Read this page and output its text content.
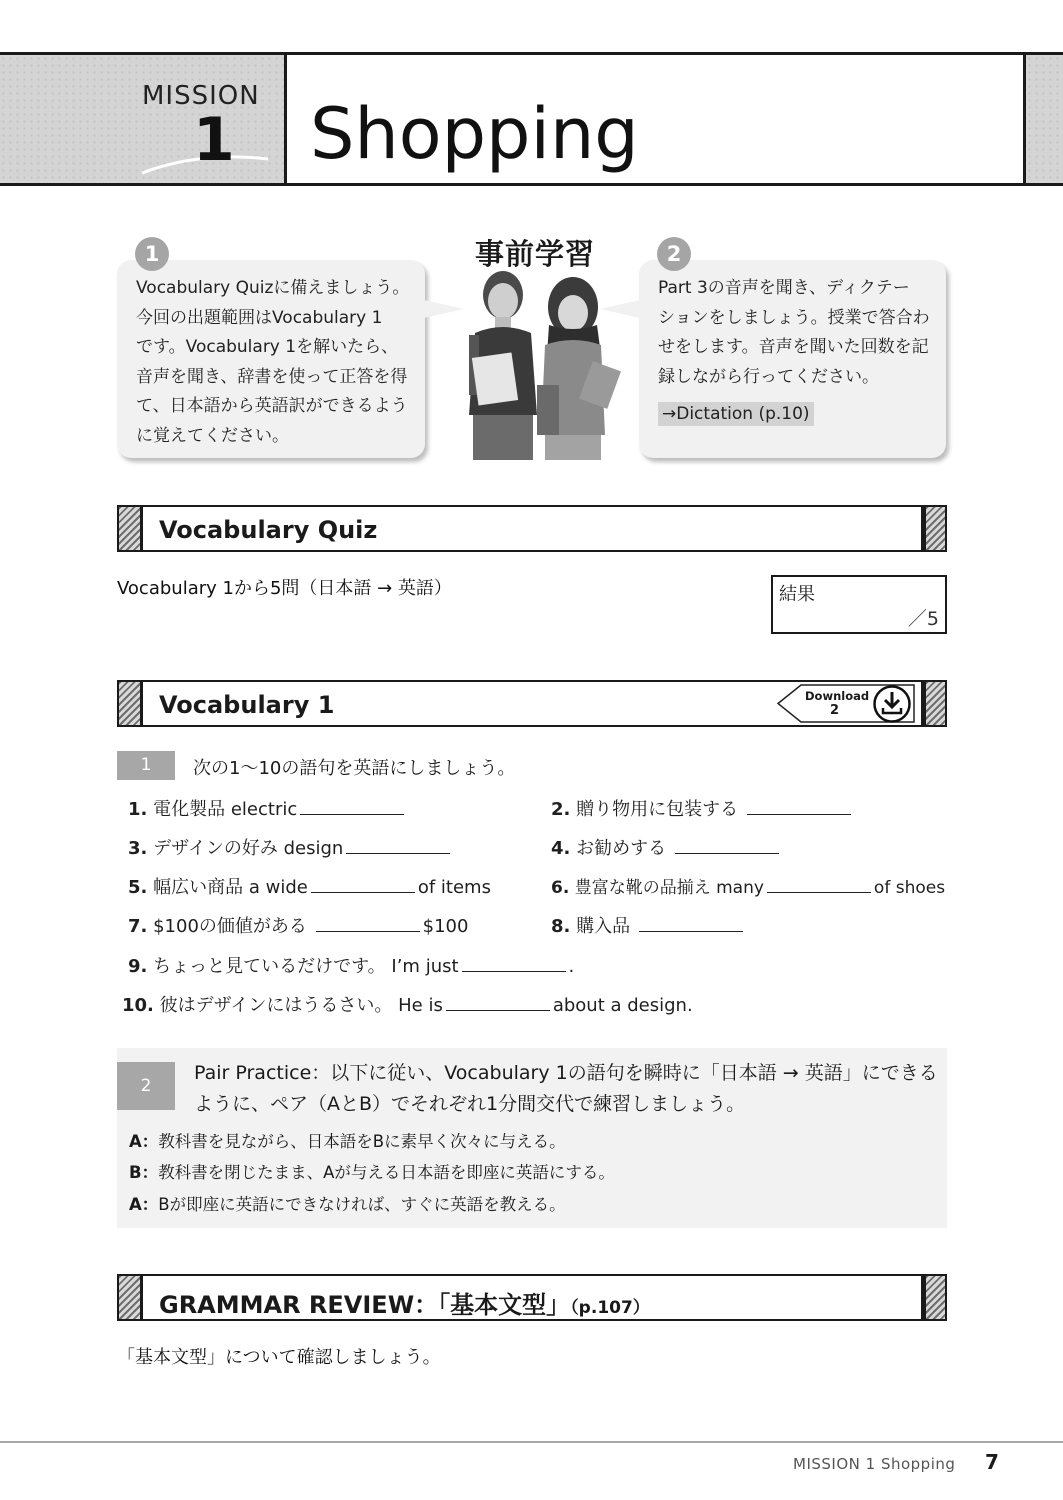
MISSION
1 Shopping
事前学習
Vocabulary Quizに備えましょう。
今回の出題範囲はVocabulary 1
です。Vocabulary 1を解いたら、
音声を聞き、辞書を使って正答を得
て、日本語から英語訳ができるよう
に覚えてください。
1
Part 3の音声を聞き、ディクテー
ションをしましょう。授業で答合わ
せをします。音声を聞いた回数を記
録しながら行ってください。
→Dictation (p.10)
2
Vocabulary Quiz
Vocabulary 1から5問（日本語 → 英語）	結果
／5
Vocabulary 1	Download
2
1	次の1〜10の語句を英語にしましょう。
1. 電化製品 electric	2. 贈り物用に包装する
3. デザインの好み design	4. お勧めする
5. 幅広い商品 a wide	of items	6. 豊富な靴の品揃え many	of shoes
7. $100の価値がある	$100	8. 購入品
9. ちょっと見ているだけです。 I’m just	.
10. 彼はデザインにはうるさい。 He is	about a design.
2
Pair Practice：以下に従い、Vocabulary 1の語句を瞬時に「日本語 → 英語」にできる
ように、ペア（AとB）でそれぞれ1分間交代で練習しましょう。
A：教科書を見ながら、日本語をBに素早く次々に与える。
B：教科書を閉じたまま、Aが与える日本語を即座に英語にする。
A：Bが即座に英語にできなければ、すぐに英語を教える。
GRAMMAR REVIEW：「基本文型」（p.107）
「基本文型」について確認しましょう。
MISSION 1 Shopping 7
